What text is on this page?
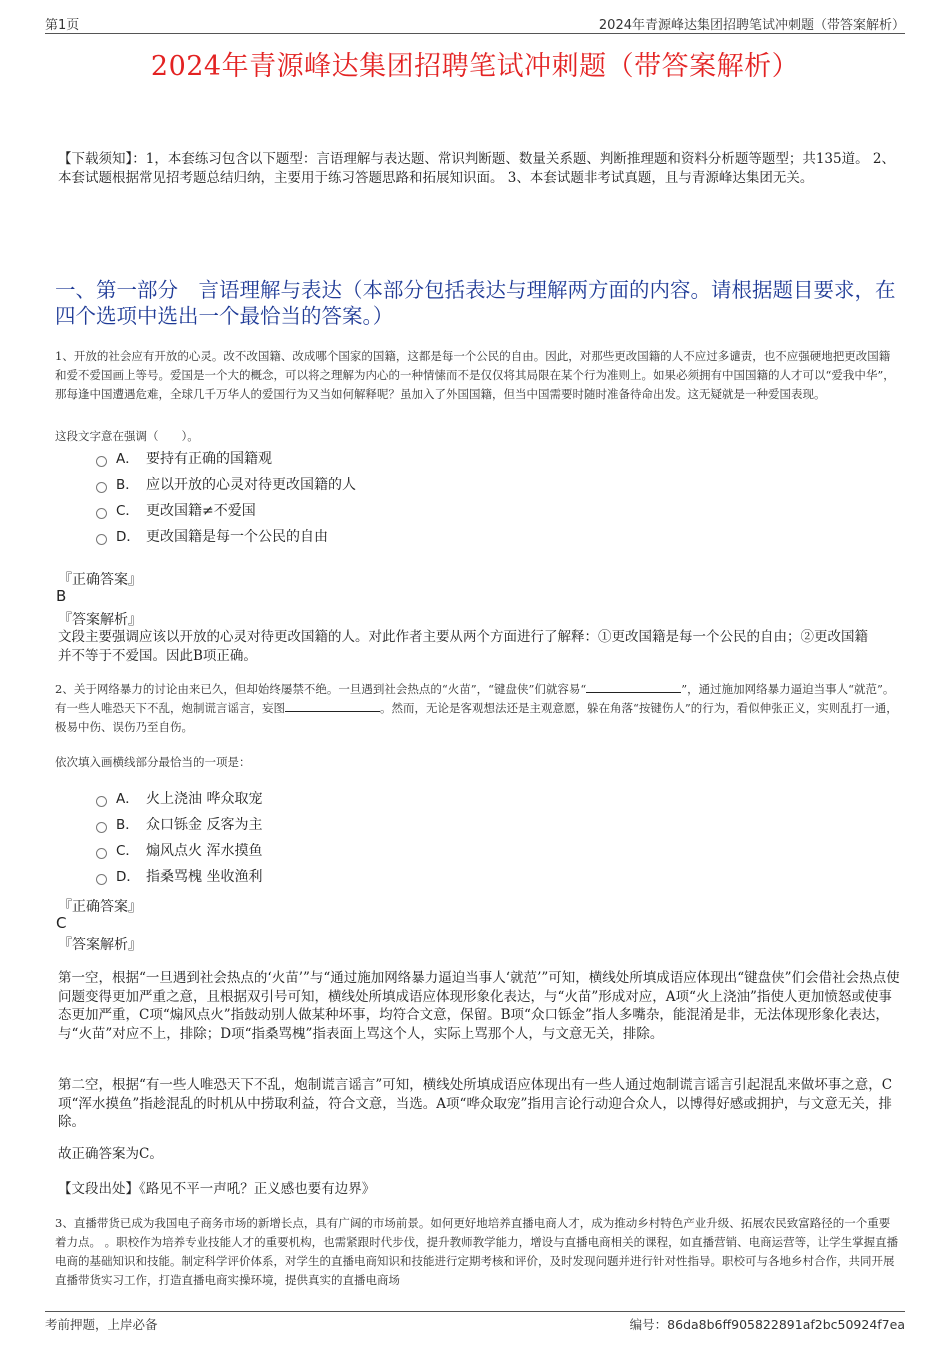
第1页	2024年青源峰达集团招聘笔试冲刺题（带答案解析）
2024年青源峰达集团招聘笔试冲刺题（带答案解析）

【下载须知】：1，本套练习包含以下题型：言语理解与表达题、常识判断题、数量关系题、判断推理题和资料分析题等题型；共135道。 2、本套试题根据常见招考题总结归纳，主要用于练习答题思路和拓展知识面。 3、本套试题非考试真题，且与青源峰达集团无关。

一、第一部分　言语理解与表达（本部分包括表达与理解两方面的内容。请根据题目要求，在四个选项中选出一个最恰当的答案。）

1、开放的社会应有开放的心灵。改不改国籍、改成哪个国家的国籍，这都是每一个公民的自由。因此，对那些更改国籍的人不应过多谴责，也不应强硬地把更改国籍和爱不爱国画上等号。爱国是一个大的概念，可以将之理解为内心的一种情愫而不是仅仅将其局限在某个行为准则上。如果必须拥有中国国籍的人才可以“爱我中华”，那每逢中国遭遇危难，全球几千万华人的爱国行为又当如何解释呢？虽加入了外国国籍，但当中国需要时随时准备待命出发。这无疑就是一种爱国表现。

这段文字意在强调（　　）。
A． 要持有正确的国籍观
B． 应以开放的心灵对待更改国籍的人
C． 更改国籍≠不爱国
D． 更改国籍是每一个公民的自由
『正确答案』
B
『答案解析』

文段主要强调应该以开放的心灵对待更改国籍的人。对此作者主要从两个方面进行了解释：①更改国籍是每一个公民的自由；②更改国籍并不等于不爱国。因此B项正确。

2、关于网络暴力的讨论由来已久，但却始终屡禁不绝。一旦遇到社会热点的“火苗”，“键盘侠”们就容易“	”，通过施加网络暴力逼迫当事人“就范”。有一些人唯恐天下不乱，炮制谎言谣言，妄图	。然而，无论是客观想法还是主观意愿，躲在角落“按键伤人”的行为，看似伸张正义，实则乱打一通，极易中伤、误伤乃至自伤。

依次填入画横线部分最恰当的一项是：
A． 火上浇油 哗众取宠
B． 众口铄金 反客为主
C． 煽风点火 浑水摸鱼
D． 指桑骂槐 坐收渔利
『正确答案』
C
『答案解析』

第一空，根据“一旦遇到社会热点的‘火苗’”与“通过施加网络暴力逼迫当事人‘就范’”可知，横线处所填成语应体现出“键盘侠”们会借社会热点使问题变得更加严重之意，且根据双引号可知，横线处所填成语应体现形象化表达，与“火苗”形成对应，A项“火上浇油”指使人更加愤怒或使事态更加严重，C项“煽风点火”指鼓动别人做某种坏事，均符合文意，保留。B项“众口铄金”指人多嘴杂，能混淆是非，无法体现形象化表达，与“火苗”对应不上，排除；D项“指桑骂槐”指表面上骂这个人，实际上骂那个人，与文意无关，排除。

第二空，根据“有一些人唯恐天下不乱，炮制谎言谣言”可知，横线处所填成语应体现出有一些人通过炮制谎言谣言引起混乱来做坏事之意，C项“浑水摸鱼”指趁混乱的时机从中捞取利益，符合文意，当选。A项“哗众取宠”指用言论行动迎合众人，以博得好感或拥护，与文意无关，排除。

故正确答案为C。
【文段出处】《路见不平一声吼？正义感也要有边界》

3、直播带货已成为我国电子商务市场的新增长点，具有广阔的市场前景。如何更好地培养直播电商人才，成为推动乡村特色产业升级、拓展农民致富路径的一个重要着力点。 。职校作为培养专业技能人才的重要机构，也需紧跟时代步伐，提升教师教学能力，增设与直播电商相关的课程，如直播营销、电商运营等，让学生掌握直播电商的基础知识和技能。制定科学评价体系，对学生的直播电商知识和技能进行定期考核和评价，及时发现问题并进行针对性指导。职校可与各地乡村合作，共同开展直播带货实习工作，打造直播电商实操环境，提供真实的直播电商场

考前押题，上岸必备	编号：86da8b6ff905822891af2bc50924f7ea
